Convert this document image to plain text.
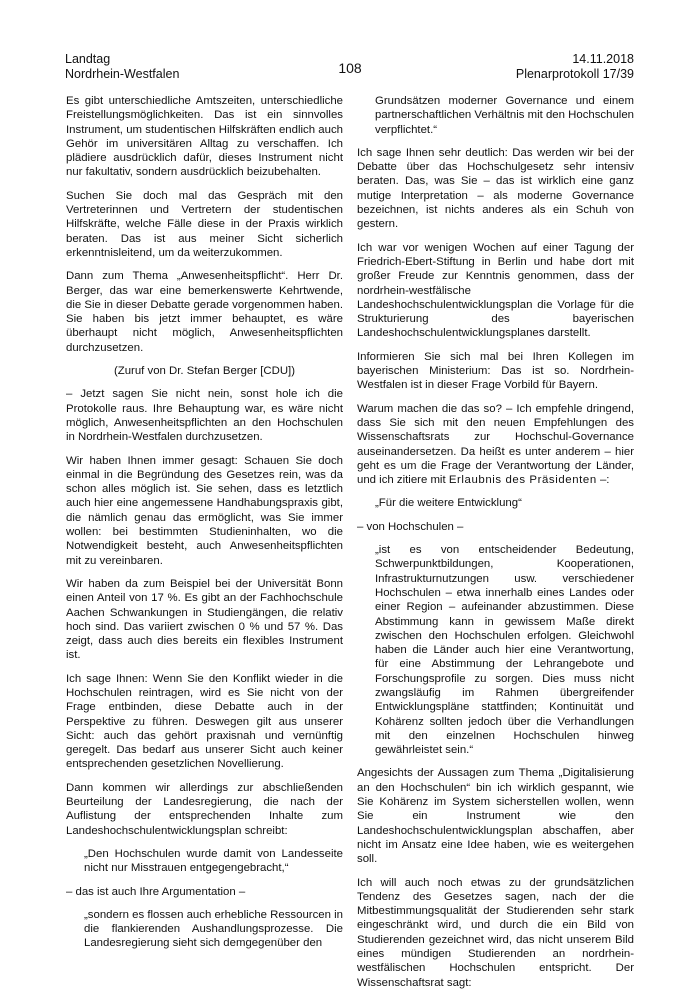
Landtag
Nordrhein-Westfalen	108
14.11.2018
Plenarprotokoll 17/39

Es gibt unterschiedliche Amtszeiten, unterschiedliche Freistellungsmöglichkeiten. Das ist ein sinnvolles Instrument, um studentischen Hilfskräften endlich auch Gehör im universitären Alltag zu verschaffen. Ich plädiere ausdrücklich dafür, dieses Instrument nicht nur fakultativ, sondern ausdrücklich beizubehalten.

Suchen Sie doch mal das Gespräch mit den Vertreterinnen und Vertretern der studentischen Hilfskräfte, welche Fälle diese in der Praxis wirklich beraten. Das ist aus meiner Sicht sicherlich erkenntnisleitend, um da weiterzukommen.

Dann zum Thema „Anwesenheitspflicht“. Herr Dr. Berger, das war eine bemerkenswerte Kehrtwende, die Sie in dieser Debatte gerade vorgenommen haben. Sie haben bis jetzt immer behauptet, es wäre überhaupt nicht möglich, Anwesenheitspflichten durchzusetzen.

(Zuruf von Dr. Stefan Berger [CDU])

– Jetzt sagen Sie nicht nein, sonst hole ich die Protokolle raus. Ihre Behauptung war, es wäre nicht möglich, Anwesenheitspflichten an den Hochschulen in Nordrhein-Westfalen durchzusetzen.

Wir haben Ihnen immer gesagt: Schauen Sie doch einmal in die Begründung des Gesetzes rein, was da schon alles möglich ist. Sie sehen, dass es letztlich auch hier eine angemessene Handhabungspraxis gibt, die nämlich genau das ermöglicht, was Sie immer wollen: bei bestimmten Studieninhalten, wo die Notwendigkeit besteht, auch Anwesenheitspflichten mit zu vereinbaren.

Wir haben da zum Beispiel bei der Universität Bonn einen Anteil von 17 %. Es gibt an der Fachhochschule Aachen Schwankungen in Studiengängen, die relativ hoch sind. Das variiert zwischen 0 % und 57 %. Das zeigt, dass auch dies bereits ein flexibles Instrument ist.

Ich sage Ihnen: Wenn Sie den Konflikt wieder in die Hochschulen reintragen, wird es Sie nicht von der Frage entbinden, diese Debatte auch in der Perspektive zu führen. Deswegen gilt aus unserer Sicht: auch das gehört praxisnah und vernünftig geregelt. Das bedarf aus unserer Sicht auch keiner entsprechenden gesetzlichen Novellierung.

Dann kommen wir allerdings zur abschließenden Beurteilung der Landesregierung, die nach der Auflistung der entsprechenden Inhalte zum Landeshochschulentwicklungsplan schreibt:

„Den Hochschulen wurde damit von Landesseite nicht nur Misstrauen entgegengebracht,“

– das ist auch Ihre Argumentation –

„sondern es flossen auch erhebliche Ressourcen in die flankierenden Aushandlungsprozesse. Die Landesregierung sieht sich demgegenüber den

Grundsätzen moderner Governance und einem partnerschaftlichen Verhältnis mit den Hochschulen verpflichtet.“

Ich sage Ihnen sehr deutlich: Das werden wir bei der Debatte über das Hochschulgesetz sehr intensiv beraten. Das, was Sie – das ist wirklich eine ganz mutige Interpretation – als moderne Governance bezeichnen, ist nichts anderes als ein Schuh von gestern.

Ich war vor wenigen Wochen auf einer Tagung der Friedrich-Ebert-Stiftung in Berlin und habe dort mit großer Freude zur Kenntnis genommen, dass der nordrhein-westfälische Landeshochschulentwicklungsplan die Vorlage für die Strukturierung des bayerischen Landeshochschulentwicklungsplanes darstellt.

Informieren Sie sich mal bei Ihren Kollegen im bayerischen Ministerium: Das ist so. Nordrhein-Westfalen ist in dieser Frage Vorbild für Bayern.

Warum machen die das so? – Ich empfehle dringend, dass Sie sich mit den neuen Empfehlungen des Wissenschaftsrats zur Hochschul-Governance auseinandersetzen. Da heißt es unter anderem – hier geht es um die Frage der Verantwortung der Länder, und ich zitiere mit Erlaubnis des Präsidenten –:

„Für die weitere Entwicklung“

– von Hochschulen –

„ist es von entscheidender Bedeutung, Schwerpunktbildungen, Kooperationen, Infrastrukturnutzungen usw. verschiedener Hochschulen – etwa innerhalb eines Landes oder einer Region – aufeinander abzustimmen. Diese Abstimmung kann in gewissem Maße direkt zwischen den Hochschulen erfolgen. Gleichwohl haben die Länder auch hier eine Verantwortung, für eine Abstimmung der Lehrangebote und Forschungsprofile zu sorgen. Dies muss nicht zwangsläufig im Rahmen übergreifender Entwicklungspläne stattfinden; Kontinuität und Kohärenz sollten jedoch über die Verhandlungen mit den einzelnen Hochschulen hinweg gewährleistet sein.“

Angesichts der Aussagen zum Thema „Digitalisierung an den Hochschulen“ bin ich wirklich gespannt, wie Sie Kohärenz im System sicherstellen wollen, wenn Sie ein Instrument wie den Landeshochschulentwicklungsplan abschaffen, aber nicht im Ansatz eine Idee haben, wie es weitergehen soll.

Ich will auch noch etwas zu der grundsätzlichen Tendenz des Gesetzes sagen, nach der die Mitbestimmungsqualität der Studierenden sehr stark eingeschränkt wird, und durch die ein Bild von Studierenden gezeichnet wird, das nicht unserem Bild eines mündigen Studierenden an nordrhein-westfälischen Hochschulen entspricht. Der Wissenschaftsrat sagt:
